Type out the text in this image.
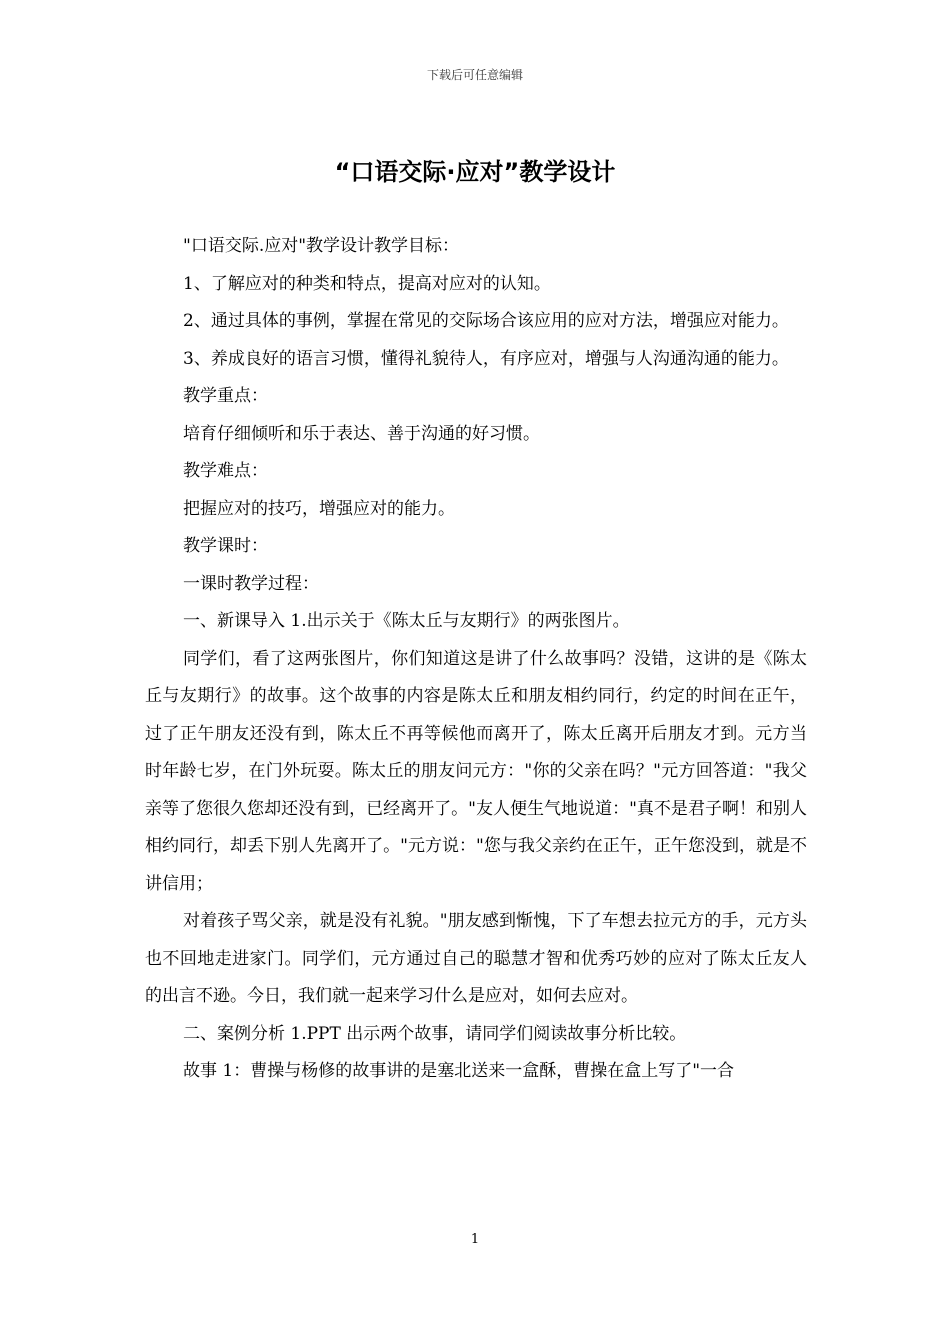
下载后可任意编辑
“口语交际·应对”教学设计

"口语交际.应对"教学设计教学目标：

1、了解应对的种类和特点，提高对应对的认知。

2、通过具体的事例，掌握在常见的交际场合该应用的应对方法，增强应对能力。

3、养成良好的语言习惯，懂得礼貌待人，有序应对，增强与人沟通沟通的能力。

教学重点：

培育仔细倾听和乐于表达、善于沟通的好习惯。

教学难点：

把握应对的技巧，增强应对的能力。

教学课时：

一课时教学过程：

一、新课导入 1.出示关于《陈太丘与友期行》的两张图片。

同学们，看了这两张图片，你们知道这是讲了什么故事吗？没错，这讲的是《陈太丘与友期行》的故事。这个故事的内容是陈太丘和朋友相约同行，约定的时间在正午，过了正午朋友还没有到，陈太丘不再等候他而离开了，陈太丘离开后朋友才到。元方当时年龄七岁，在门外玩耍。陈太丘的朋友问元方："你的父亲在吗？"元方回答道："我父亲等了您很久您却还没有到，已经离开了。"友人便生气地说道："真不是君子啊！和别人相约同行，却丢下别人先离开了。"元方说："您与我父亲约在正午，正午您没到，就是不讲信用；

对着孩子骂父亲，就是没有礼貌。"朋友感到惭愧，下了车想去拉元方的手，元方头也不回地走进家门。同学们，元方通过自己的聪慧才智和优秀巧妙的应对了陈太丘友人的出言不逊。今日，我们就一起来学习什么是应对，如何去应对。

二、案例分析 1.PPT 出示两个故事，请同学们阅读故事分析比较。

故事 1：曹操与杨修的故事讲的是塞北送来一盒酥，曹操在盒上写了"一合

1
